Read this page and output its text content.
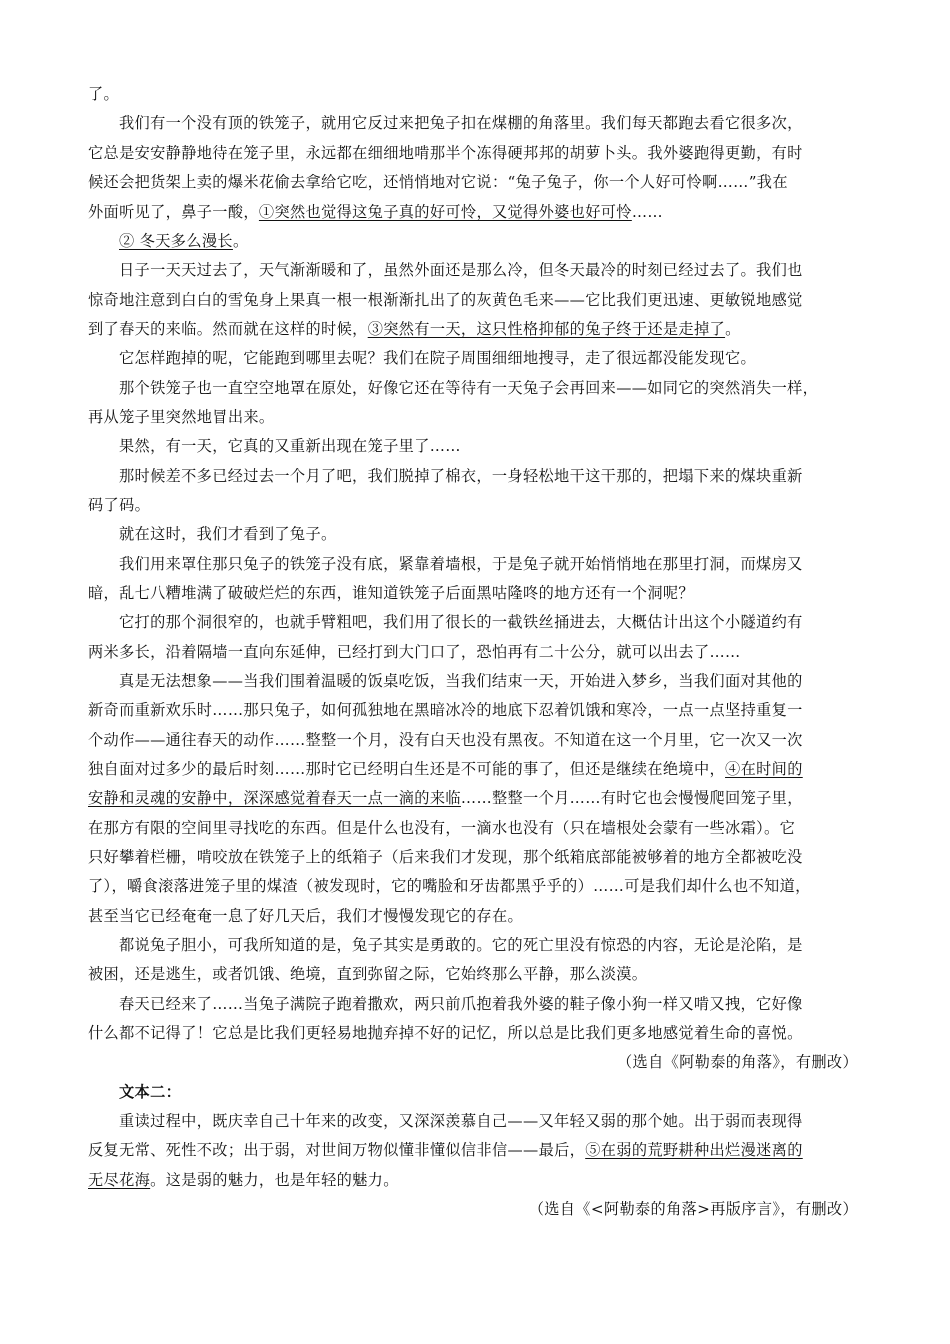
了。
我们有一个没有顶的铁笼子，就用它反过来把兔子扣在煤棚的角落里。我们每天都跑去看它很多次，
它总是安安静静地待在笼子里，永远都在细细地啃那半个冻得硬邦邦的胡萝卜头。我外婆跑得更勤，有时
候还会把货架上卖的爆米花偷去拿给它吃，还悄悄地对它说：“兔子兔子，你一个人好可怜啊……”我在
外面听见了，鼻子一酸，①突然也觉得这兔子真的好可怜，又觉得外婆也好可怜……
② 冬天多么漫长。
日子一天天过去了，天气渐渐暖和了，虽然外面还是那么冷，但冬天最冷的时刻已经过去了。我们也
惊奇地注意到白白的雪兔身上果真一根一根渐渐扎出了的灰黄色毛来——它比我们更迅速、更敏锐地感觉
到了春天的来临。然而就在这样的时候，③突然有一天，这只性格抑郁的兔子终于还是走掉了。
它怎样跑掉的呢，它能跑到哪里去呢？我们在院子周围细细地搜寻，走了很远都没能发现它。
那个铁笼子也一直空空地罩在原处，好像它还在等待有一天兔子会再回来——如同它的突然消失一样，
再从笼子里突然地冒出来。
果然，有一天，它真的又重新出现在笼子里了……
那时候差不多已经过去一个月了吧，我们脱掉了棉衣，一身轻松地干这干那的，把塌下来的煤块重新
码了码。
就在这时，我们才看到了兔子。
我们用来罩住那只兔子的铁笼子没有底，紧靠着墙根，于是兔子就开始悄悄地在那里打洞，而煤房又
暗，乱七八糟堆满了破破烂烂的东西，谁知道铁笼子后面黑咕隆咚的地方还有一个洞呢？
它打的那个洞很窄的，也就手臂粗吧，我们用了很长的一截铁丝捅进去，大概估计出这个小隧道约有
两米多长，沿着隔墙一直向东延伸，已经打到大门口了，恐怕再有二十公分，就可以出去了……
真是无法想象——当我们围着温暖的饭桌吃饭，当我们结束一天，开始进入梦乡，当我们面对其他的
新奇而重新欢乐时……那只兔子，如何孤独地在黑暗冰冷的地底下忍着饥饿和寒冷，一点一点坚持重复一
个动作——通往春天的动作……整整一个月，没有白天也没有黑夜。不知道在这一个月里，它一次又一次
独自面对过多少的最后时刻……那时它已经明白生还是不可能的事了，但还是继续在绝境中，④在时间的
安静和灵魂的安静中，深深感觉着春天一点一滴的来临……整整一个月……有时它也会慢慢爬回笼子里，
在那方有限的空间里寻找吃的东西。但是什么也没有，一滴水也没有（只在墙根处会蒙有一些冰霜）。它
只好攀着栏栅，啃咬放在铁笼子上的纸箱子（后来我们才发现，那个纸箱底部能被够着的地方全都被吃没
了），嚼食滚落进笼子里的煤渣（被发现时，它的嘴脸和牙齿都黑乎乎的）……可是我们却什么也不知道，
甚至当它已经奄奄一息了好几天后，我们才慢慢发现它的存在。
都说兔子胆小，可我所知道的是，兔子其实是勇敢的。它的死亡里没有惊恐的内容，无论是沦陷，是
被困，还是逃生，或者饥饿、绝境，直到弥留之际，它始终那么平静，那么淡漠。
春天已经来了……当兔子满院子跑着撒欢，两只前爪抱着我外婆的鞋子像小狗一样又啃又拽，它好像
什么都不记得了！它总是比我们更轻易地抛弃掉不好的记忆，所以总是比我们更多地感觉着生命的喜悦。
（选自《阿勒泰的角落》，有删改）
文本二：
重读过程中，既庆幸自己十年来的改变，又深深羡慕自己——又年轻又弱的那个她。出于弱而表现得
反复无常、死性不改；出于弱，对世间万物似懂非懂似信非信——最后，⑤在弱的荒野耕种出烂漫迷离的
无尽花海。这是弱的魅力，也是年轻的魅力。
（选自《<阿勒泰的角落>再版序言》，有删改）
